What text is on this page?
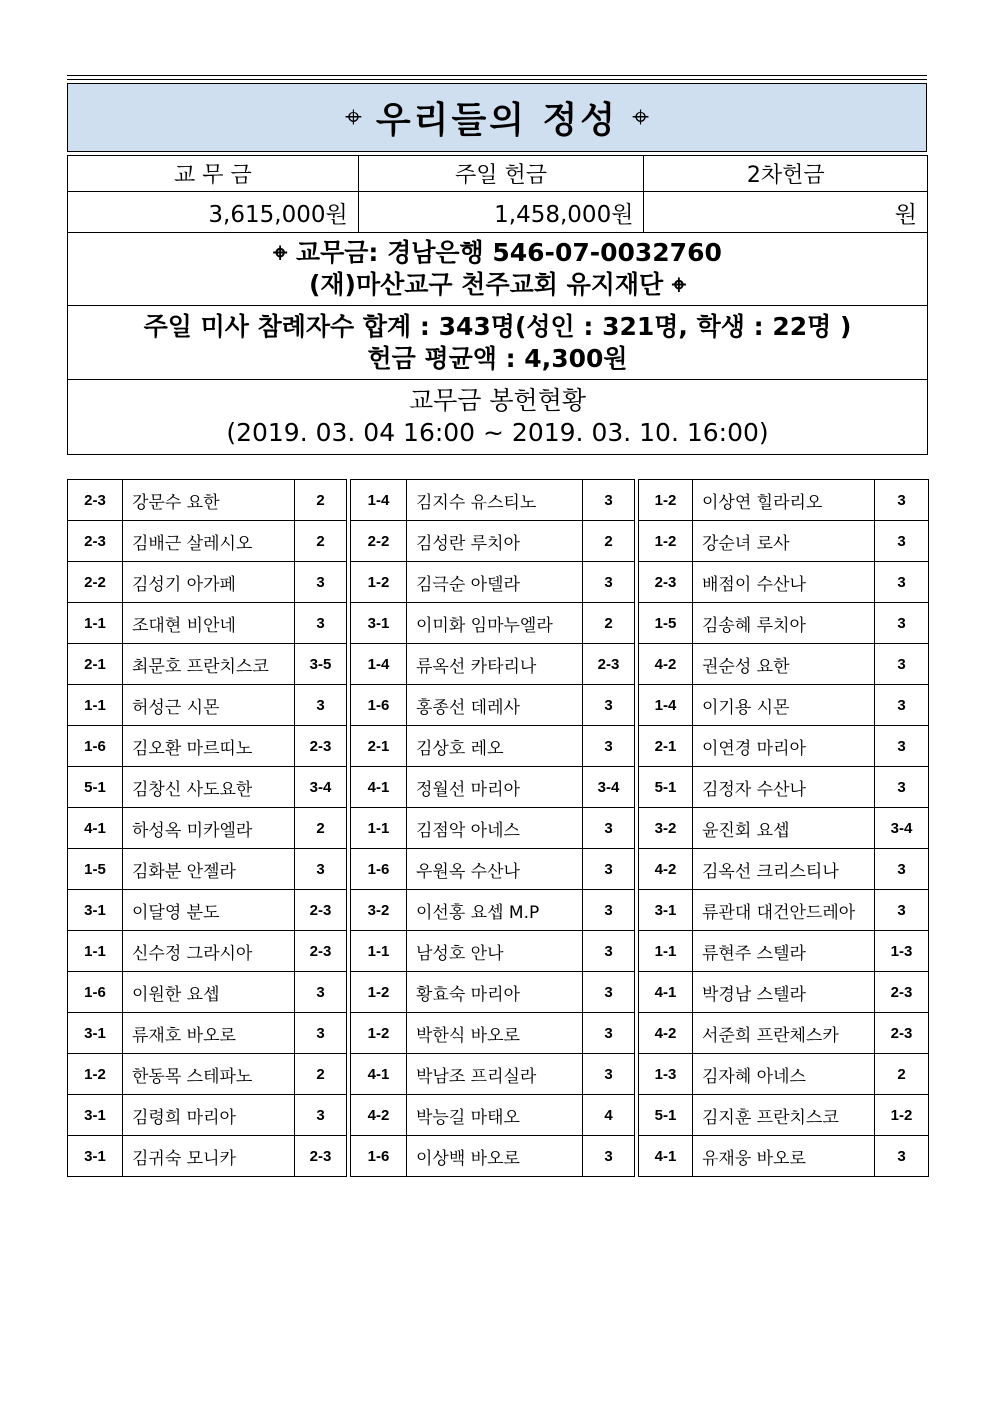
⌖ 우리들의 정성 ⌖
교 무 금	주일 헌금	2차헌금
3,615,000원	1,458,000원	원

⌖ 교무금: 경남은행 546-07-0032760
(재)마산교구 천주교회 유지재단 ⌖		

주일 미사 참례자수 합계 : 343명(성인 : 321명, 학생 : 22명 )
헌금 평균액 : 4,300원		

교무금 봉헌현황
(2019. 03. 04 16:00 ~ 2019. 03. 10. 16:00)		
2-3	강문수 요한	2		1-4	김지수 유스티노	3		1-2	이상연 힐라리오	3
2-3	김배근 살레시오	2		2-2	김성란 루치아	2		1-2	강순녀 로사	3
2-2	김성기 아가페	3		1-2	김극순 아델라	3		2-3	배점이 수산나	3
1-1	조대현 비안네	3		3-1	이미화 임마누엘라	2		1-5	김송혜 루치아	3
2-1	최문호 프란치스코	3-5		1-4	류옥선 카타리나	2-3		4-2	권순성 요한	3
1-1	허성근 시몬	3		1-6	홍종선 데레사	3		1-4	이기용 시몬	3
1-6	김오환 마르띠노	2-3		2-1	김상호 레오	3		2-1	이연경 마리아	3
5-1	김창신 사도요한	3-4		4-1	정월선 마리아	3-4		5-1	김정자 수산나	3
4-1	하성옥 미카엘라	2		1-1	김점악 아네스	3		3-2	윤진회 요셉	3-4
1-5	김화분 안젤라	3		1-6	우원옥 수산나	3		4-2	김옥선 크리스티나	3
3-1	이달영 분도	2-3		3-2	이선홍 요셉 M.P	3		3-1	류관대 대건안드레아	3
1-1	신수정 그라시아	2-3		1-1	남성호 안나	3		1-1	류현주 스텔라	1-3
1-6	이원한 요셉	3		1-2	황효숙 마리아	3		4-1	박경남 스텔라	2-3
3-1	류재호 바오로	3		1-2	박한식 바오로	3		4-2	서준희 프란체스카	2-3
1-2	한동목 스테파노	2		4-1	박남조 프리실라	3		1-3	김자혜 아네스	2
3-1	김령희 마리아	3		4-2	박능길 마태오	4		5-1	김지훈 프란치스코	1-2
3-1	김귀숙 모니카	2-3		1-6	이상백 바오로	3		4-1	유재웅 바오로	3
